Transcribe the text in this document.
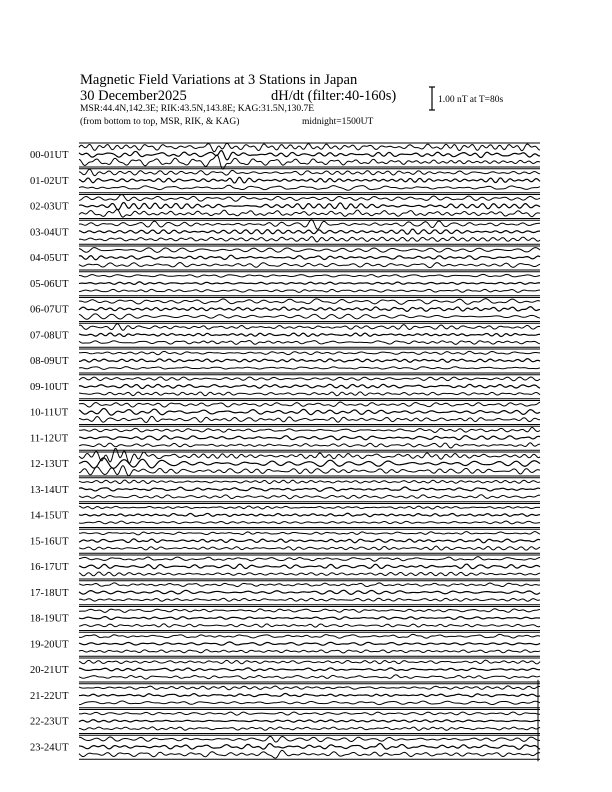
Magnetic Field Variations at 3 Stations in Japan
30 December2025	dH/dt (filter:40-160s)
MSR:44.4N,142.3E; RIK:43.5N,143.8E; KAG:31.5N,130.7E
(from bottom to top, MSR, RIK, & KAG)	midnight=1500UT
1.00 nT at T=80s
00-01UT
01-02UT
02-03UT
03-04UT
04-05UT
05-06UT
06-07UT
07-08UT
08-09UT
09-10UT
10-11UT
11-12UT
12-13UT
13-14UT
14-15UT
15-16UT
16-17UT
17-18UT
18-19UT
19-20UT
20-21UT
21-22UT
22-23UT
23-24UT
